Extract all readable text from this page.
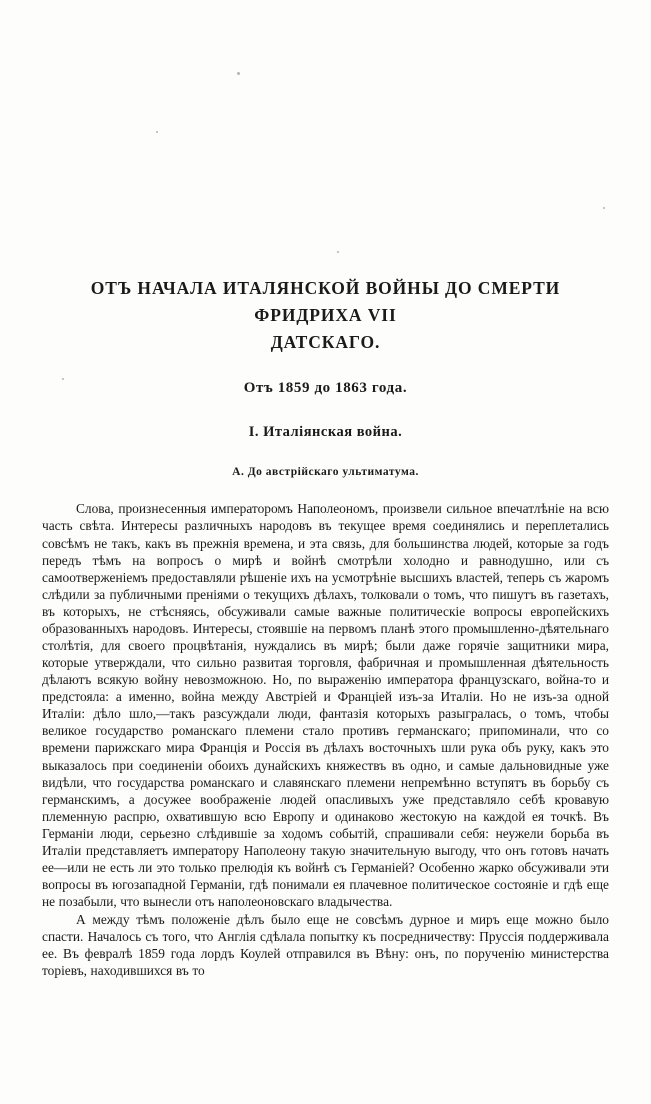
ОТЪ НАЧАЛА ИТАЛЯНСКОЙ ВОЙНЫ ДО СМЕРТИ ФРИДРИХА VII
ДАТСКАГО.
Отъ 1859 до 1863 года.
I. Италіянская война.
А. До австрійскаго ультиматума.

Слова, произнесенныя императоромъ Наполеономъ, произвели сильное впечатлѣніе на всю часть свѣта. Интересы различныхъ народовъ въ текущее время соединялись и переплетались совсѣмъ не такъ, какъ въ прежнія времена, и эта связь, для большинства людей, которые за годъ передъ тѣмъ на вопросъ о мирѣ и войнѣ смотрѣли холодно и равнодушно, или съ самоотверженіемъ предоставляли рѣшеніе ихъ на усмотрѣніе высшихъ властей, теперь съ жаромъ слѣдили за публичными преніями о текущихъ дѣлахъ, толковали о томъ, что пишутъ въ газетахъ, въ которыхъ, не стѣсняясь, обсуживали самые важные политическіе вопросы европейскихъ образованныхъ народовъ. Интересы, стоявшіе на первомъ планѣ этого промышленно-дѣятельнаго столѣтія, для своего процвѣтанія, нуждались въ мирѣ; были даже горячіе защитники мира, которые утверждали, что сильно развитая торговля, фабричная и промышленная дѣятельность дѣлаютъ всякую войну невозможною. Но, по выраженію императора французскаго, война-то и предстояла: а именно, война между Австріей и Франціей изъ-за Италіи. Но не изъ-за одной Италіи: дѣло шло,—такъ разсуждали люди, фантазія которыхъ разыгралась, о томъ, чтобы великое государство романскаго племени стало противъ германскаго; припоминали, что со времени парижскаго мира Франція и Россія въ дѣлахъ восточныхъ шли рука объ руку, какъ это выказалось при соединеніи обоихъ дунайскихъ княжествъ въ одно, и самые дальновидные уже видѣли, что государства романскаго и славянскаго племени непремѣнно вступятъ въ борьбу съ германскимъ, а досужее воображеніе людей опасливыхъ уже представляло себѣ кровавую племенную распрю, охватившую всю Европу и одинаково жестокую на каждой ея точкѣ. Въ Германіи люди, серьезно слѣдившіе за ходомъ событій, спрашивали себя: неужели борьба въ Италіи представляетъ императору Наполеону такую значительную выгоду, что онъ готовъ начать ее—или не есть ли это только прелюдія къ войнѣ съ Германіей? Особенно жарко обсуживали эти вопросы въ югозападной Германіи, гдѣ понимали ея плачевное политическое состояніе и гдѣ еще не позабыли, что вынесли отъ наполеоновскаго владычества.

А между тѣмъ положеніе дѣлъ было еще не совсѣмъ дурное и миръ еще можно было спасти. Началось съ того, что Англія сдѣлала попытку къ посредничеству: Пруссія поддерживала ее. Въ февралѣ 1859 года лордъ Коулей отправился въ Вѣну: онъ, по порученію министерства торіевъ, находившихся въ то
